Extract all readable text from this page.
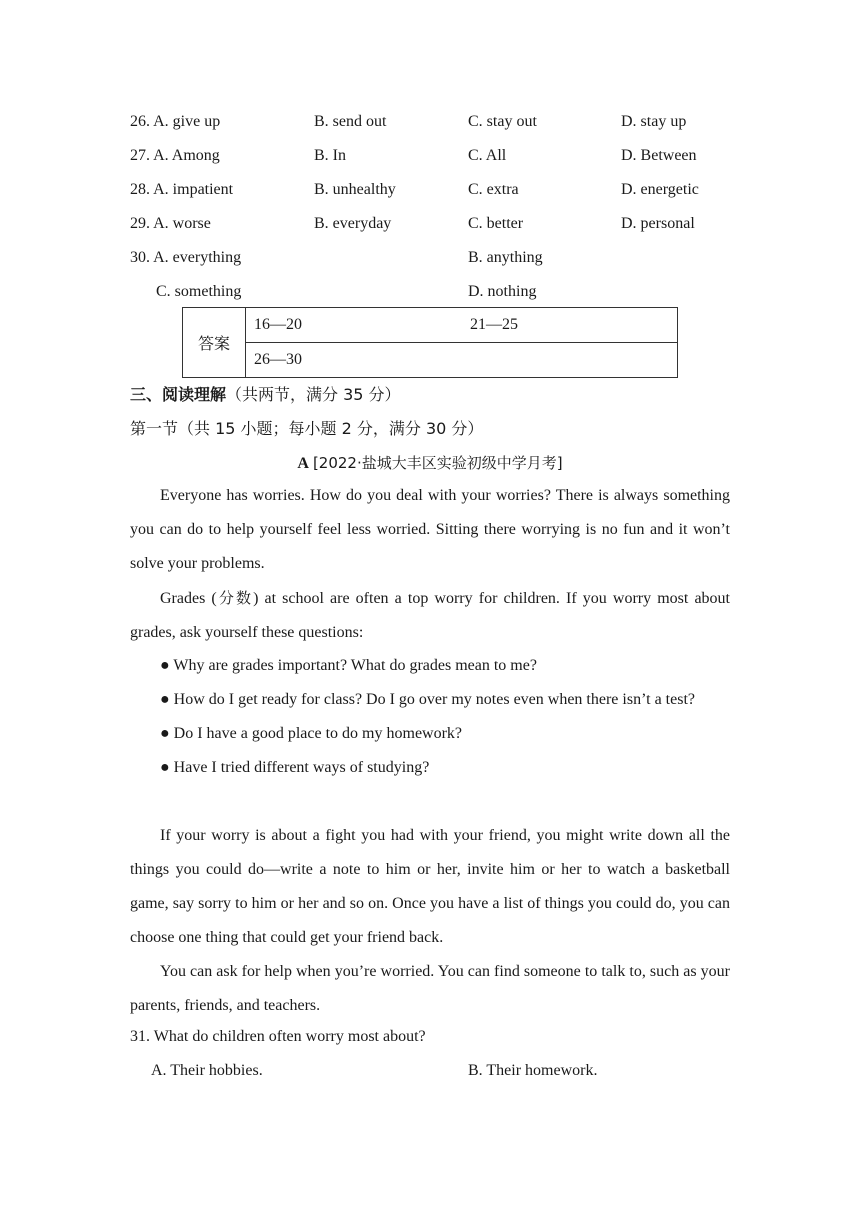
26. A. give up	B. send out	C. stay out	D. stay up
27. A. Among	B. In	C. All	D. Between
28. A. impatient	B. unhealthy	C. extra	D. energetic
29. A. worse	B. everyday	C. better	D. personal
30. A. everything	B. anything
C. something	D. nothing
答案	
16—20	21—25

26—30
三、阅读理解（共两节，满分 35 分）
第一节（共 15 小题；每小题 2 分，满分 30 分）
A [2022·盐城大丰区实验初级中学月考]

Everyone has worries. How do you deal with your worries? There is always something you can do to help yourself feel less worried. Sitting there worrying is no fun and it won’t solve your problems.

Grades (分数) at school are often a top worry for children. If you worry most about grades, ask yourself these questions:

● Why are grades important? What do grades mean to me?

● How do I get ready for class? Do I go over my notes even when there isn’t a test?

● Do I have a good place to do my homework?

● Have I tried different ways of studying?

If your worry is about a fight you had with your friend, you might write down all the things you could do—write a note to him or her, invite him or her to watch a basketball game, say sorry to him or her and so on. Once you have a list of things you could do, you can choose one thing that could get your friend back.

You can ask for help when you’re worried. You can find someone to talk to, such as your parents, friends, and teachers.

31. What do children often worry most about?
A. Their hobbies.	B. Their homework.
